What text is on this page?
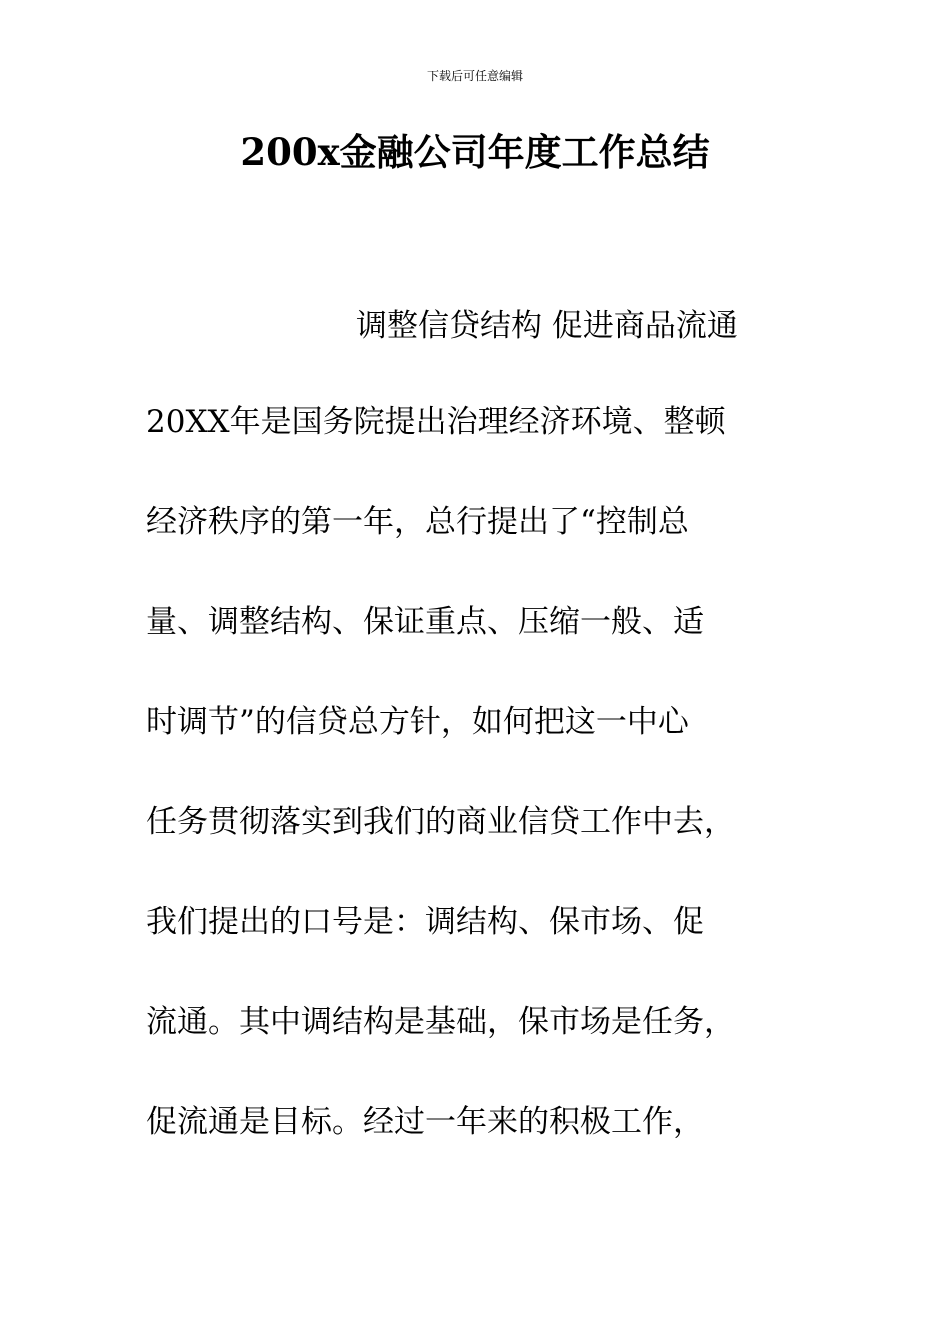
下载后可任意编辑
200x金融公司年度工作总结
调整信贷结构 促进商品流通
20XX年是国务院提出治理经济环境、整顿
经济秩序的第一年，总行提出了“控制总
量、调整结构、保证重点、压缩一般、适
时调节”的信贷总方针，如何把这一中心
任务贯彻落实到我们的商业信贷工作中去，
我们提出的口号是：调结构、保市场、促
流通。其中调结构是基础，保市场是任务，
促流通是目标。经过一年来的积极工作，
